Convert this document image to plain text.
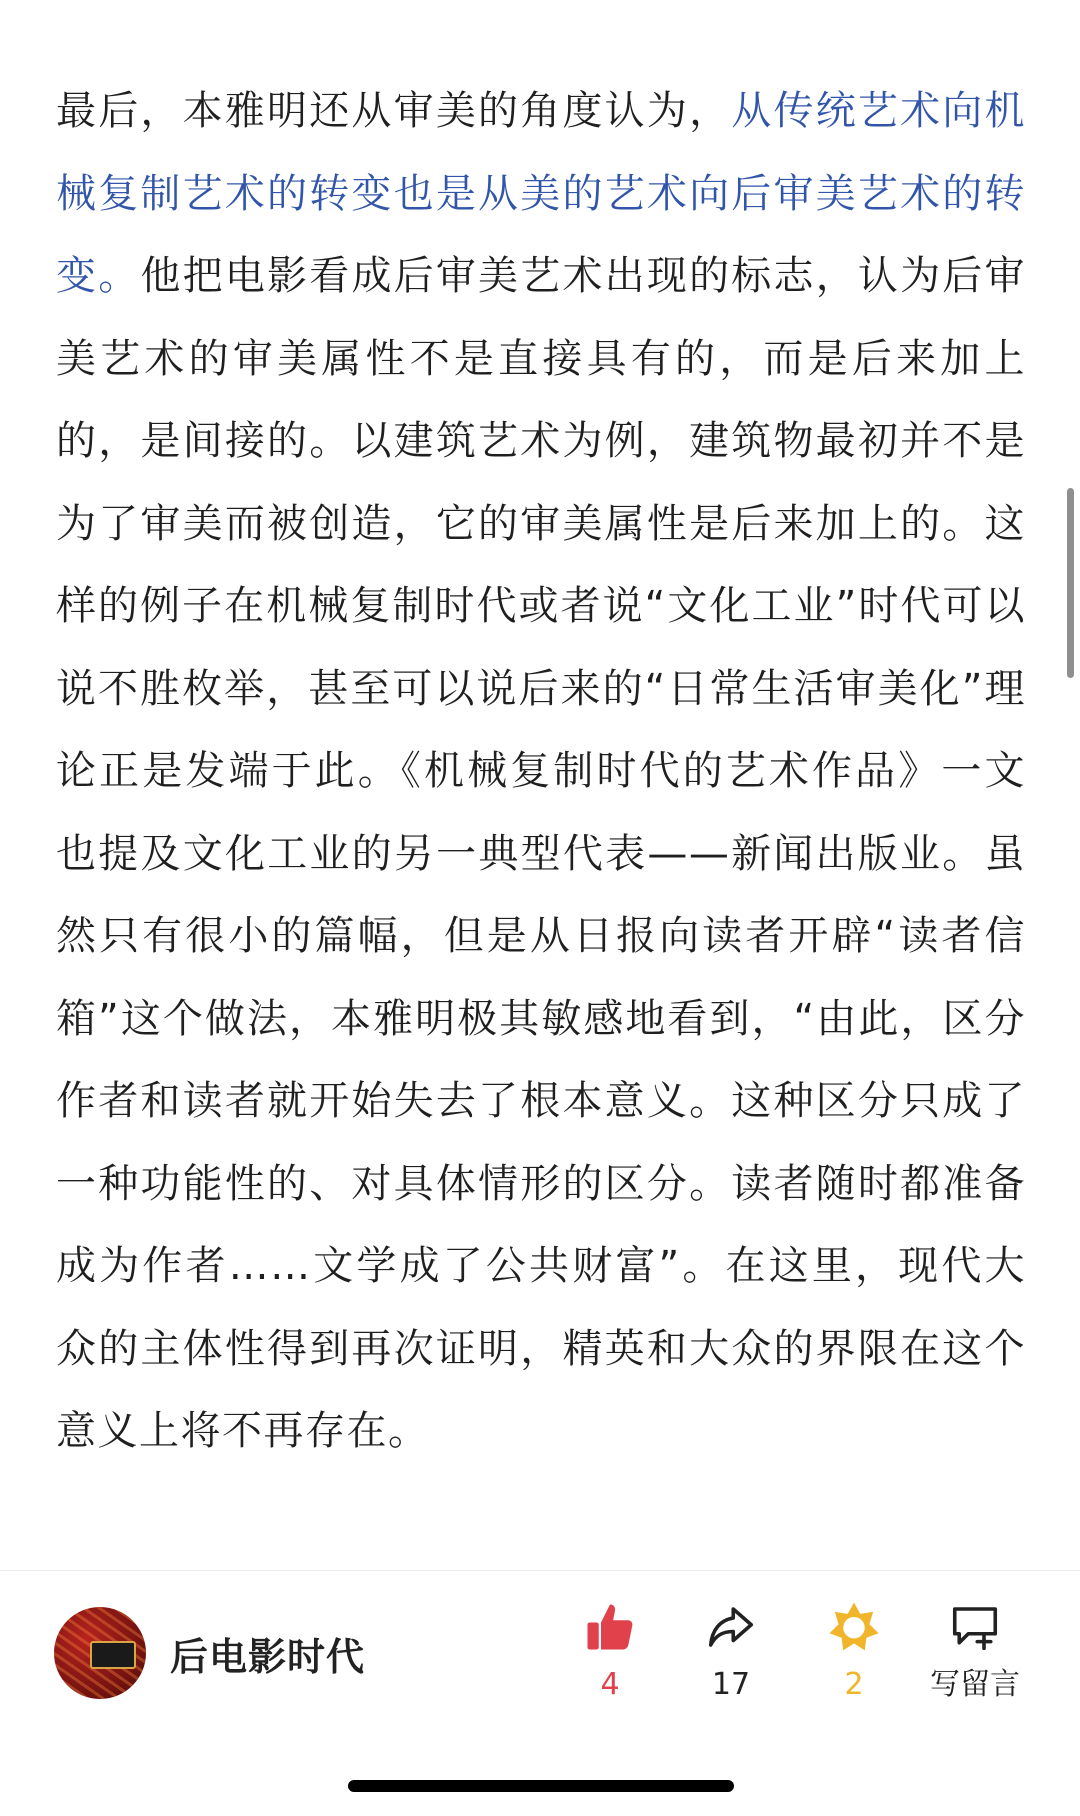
最后，本雅明还从审美的角度认为，从传统艺术向机械复制艺术的转变也是从美的艺术向后审美艺术的转变。他把电影看成后审美艺术出现的标志，认为后审美艺术的审美属性不是直接具有的，而是后来加上的，是间接的。以建筑艺术为例，建筑物最初并不是为了审美而被创造，它的审美属性是后来加上的。这样的例子在机械复制时代或者说“文化工业”时代可以说不胜枚举，甚至可以说后来的“日常生活审美化”理论正是发端于此。《机械复制时代的艺术作品》一文也提及文化工业的另一典型代表——新闻出版业。虽然只有很小的篇幅，但是从日报向读者开辟“读者信箱”这个做法，本雅明极其敏感地看到，“由此，区分作者和读者就开始失去了根本意义。这种区分只成了一种功能性的、对具体情形的区分。读者随时都准备成为作者……文学成了公共财富”。在这里，现代大众的主体性得到再次证明，精英和大众的界限在这个意义上将不再存在。

后电影时代
4	17	2 写留言
